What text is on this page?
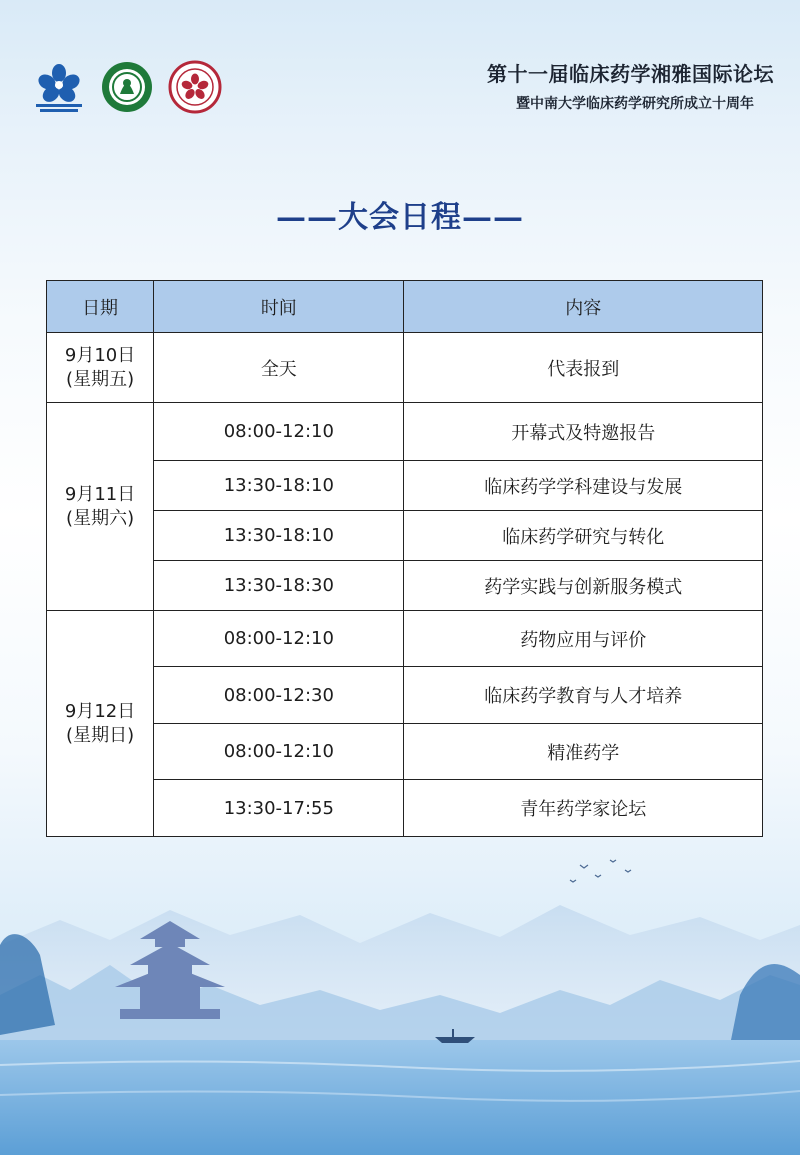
第十一届临床药学湘雅国际论坛
暨中南大学临床药学研究所成立十周年
——大会日程——
日期	时间	内容

9月10日
(星期五)	全天	代表报到

9月11日
(星期六)	08:00-12:10	开幕式及特邀报告
	13:30-18:10	临床药学学科建设与发展
	13:30-18:10	临床药学研究与转化
	13:30-18:30	药学实践与创新服务模式

9月12日
(星期日)	08:00-12:10	药物应用与评价
	08:00-12:30	临床药学教育与人才培养
	08:00-12:10	精准药学
	13:30-17:55	青年药学家论坛
